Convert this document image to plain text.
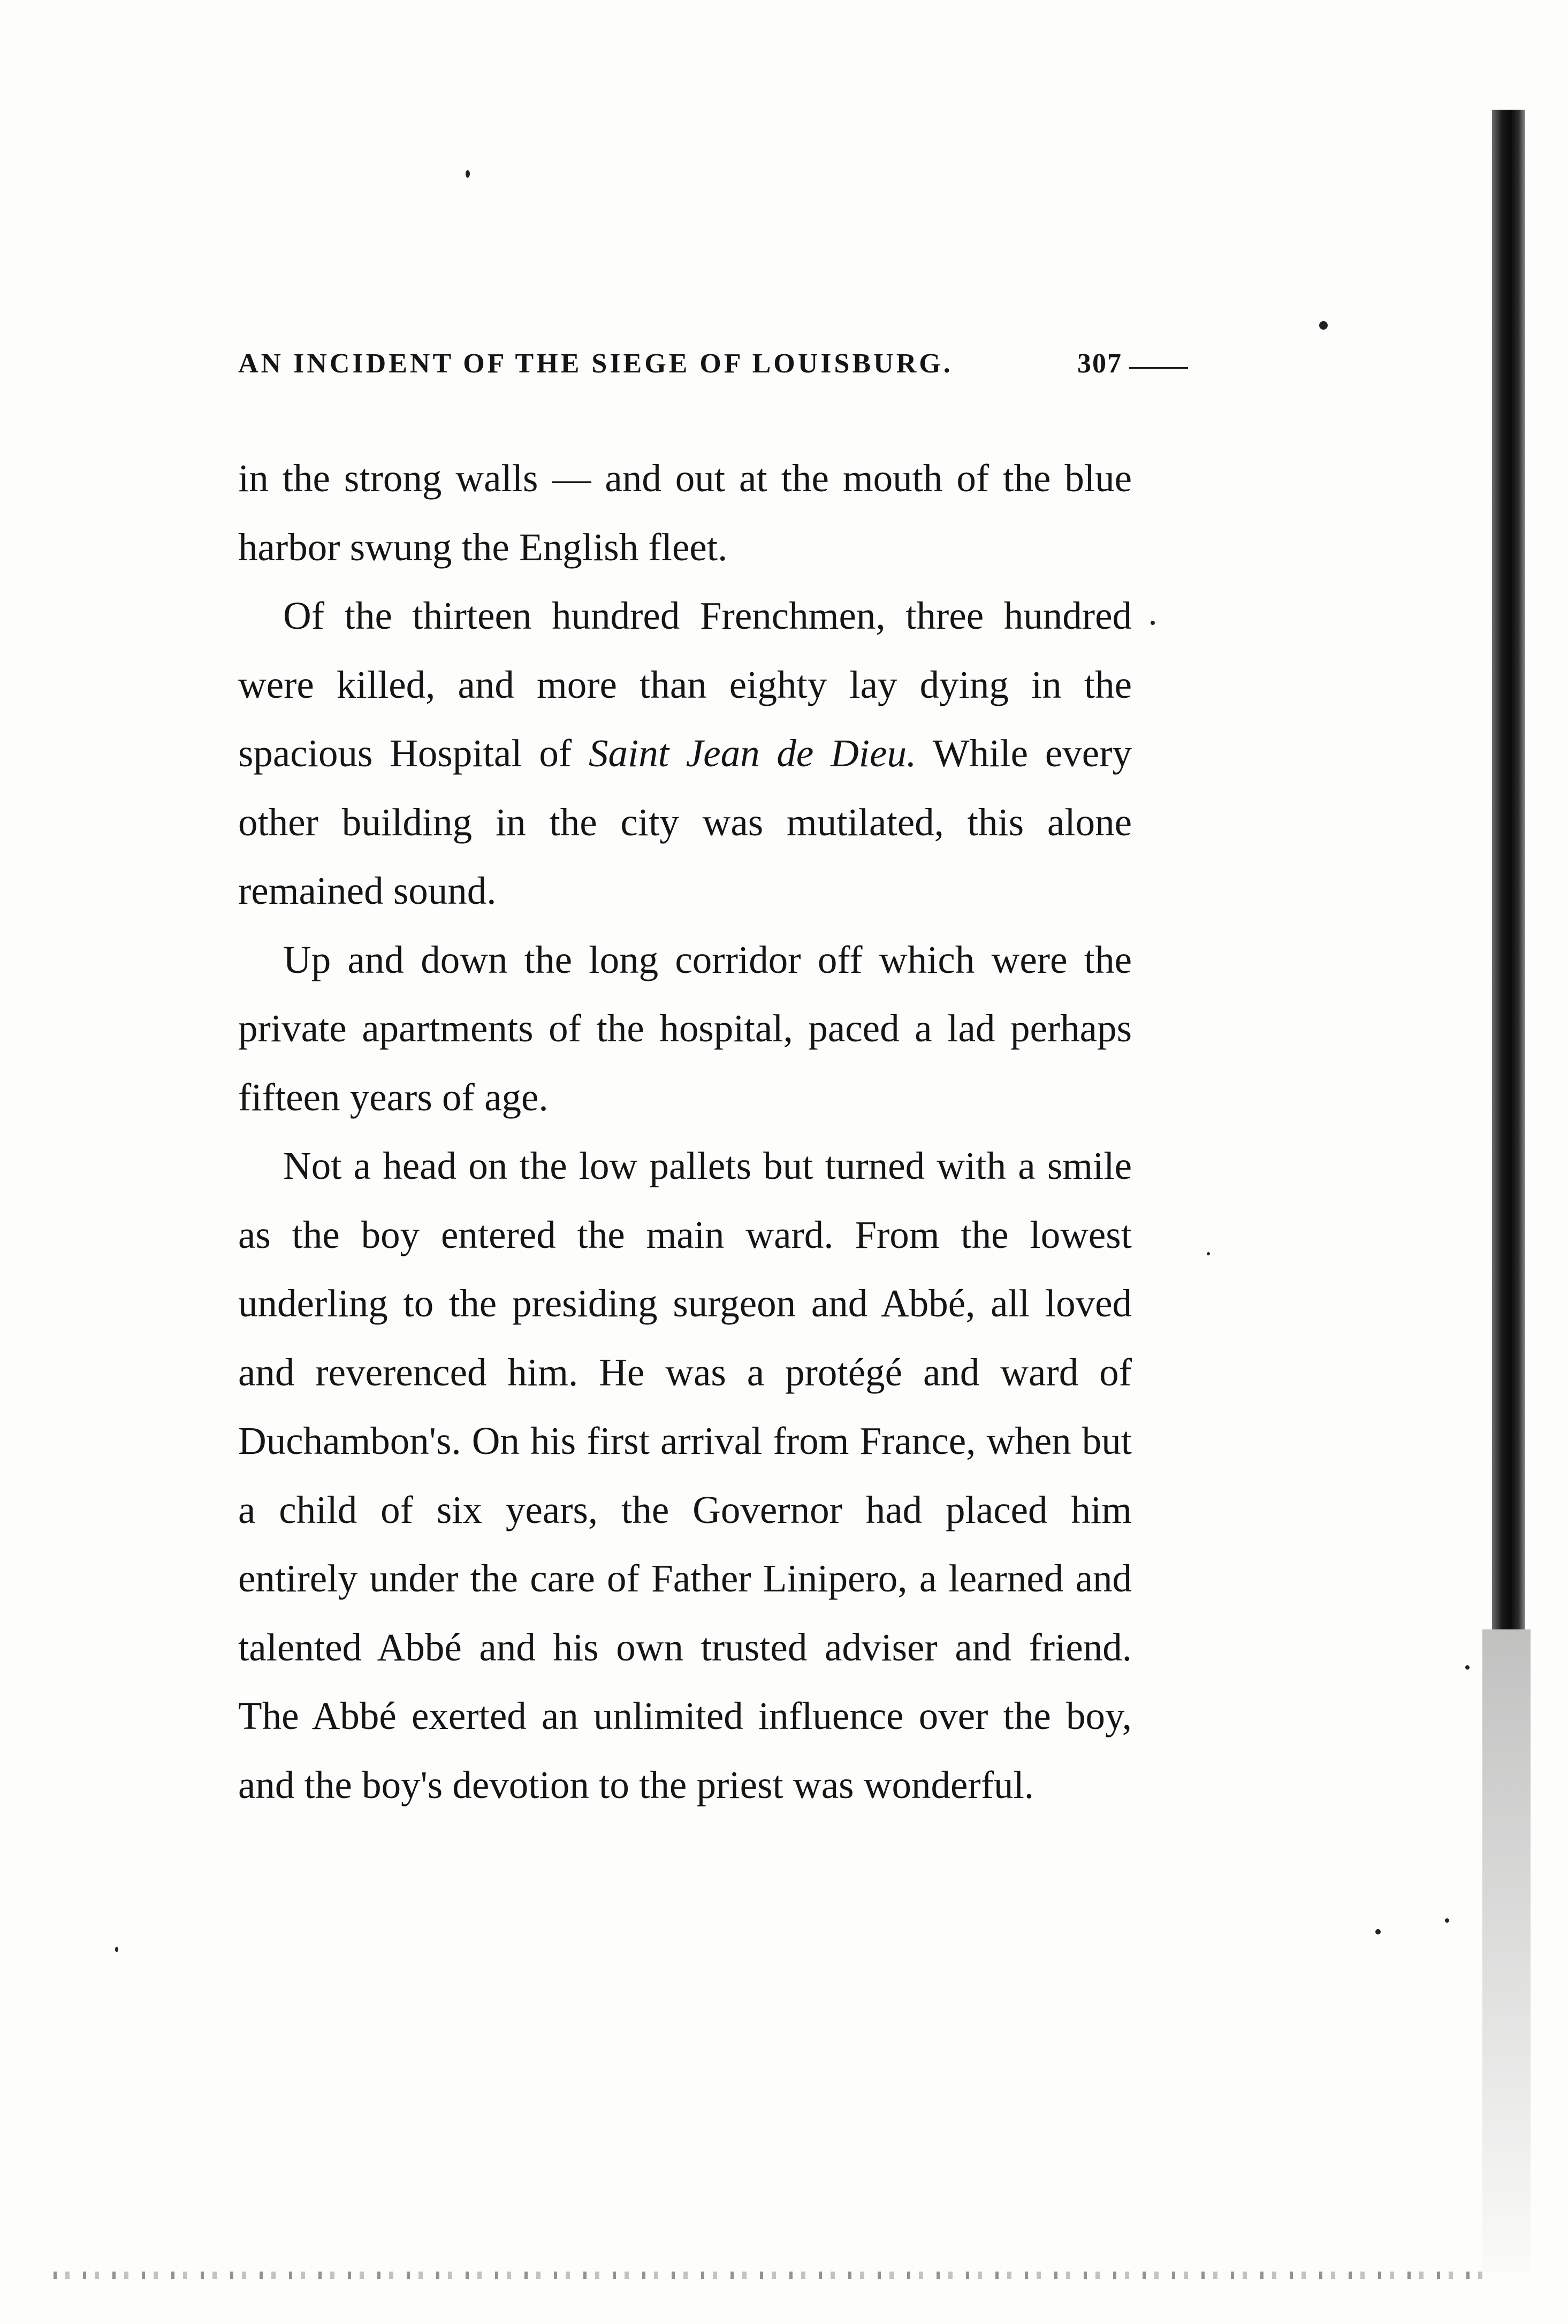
AN INCIDENT OF THE SIEGE OF LOUISBURG.	307

in the strong walls — and out at the mouth of the blue harbor swung the English fleet.

Of the thirteen hundred Frenchmen, three hundred were killed, and more than eighty lay dying in the spacious Hospital of Saint Jean de Dieu. While every other building in the city was mutilated, this alone remained sound.

Up and down the long corridor off which were the private apartments of the hospital, paced a lad perhaps fifteen years of age.

Not a head on the low pallets but turned with a smile as the boy entered the main ward. From the lowest underling to the presiding surgeon and Abbé, all loved and reverenced him. He was a protégé and ward of Duchambon's. On his first arrival from France, when but a child of six years, the Governor had placed him entirely under the care of Father Linipero, a learned and talented Abbé and his own trusted adviser and friend. The Abbé exerted an unlimited influence over the boy, and the boy's devotion to the priest was wonderful.
